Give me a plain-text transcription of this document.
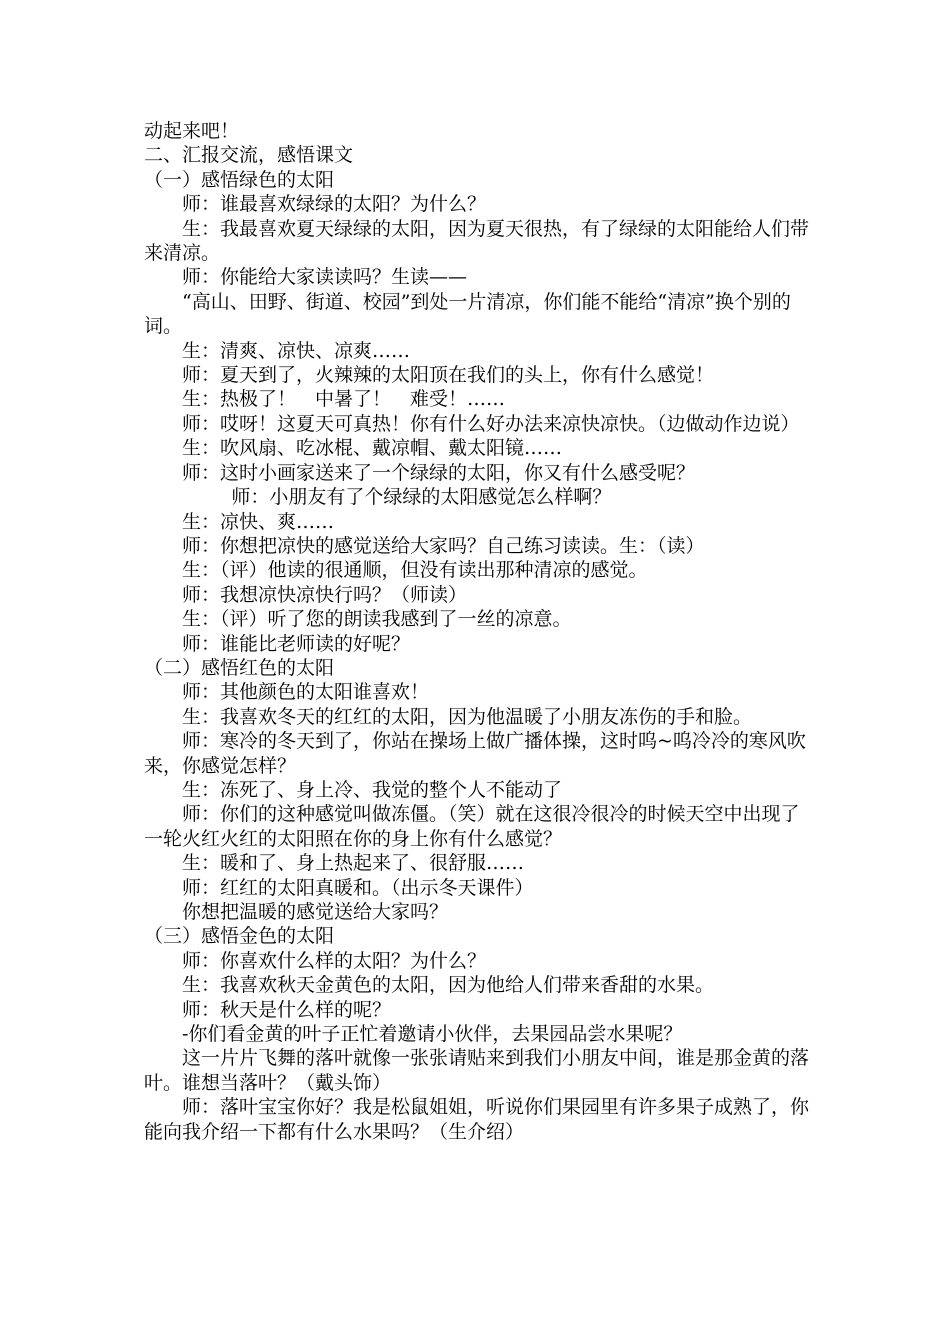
动起来吧！

二、汇报交流，感悟课文

（一）感悟绿色的太阳

师：谁最喜欢绿绿的太阳？为什么？

生：我最喜欢夏天绿绿的太阳，因为夏天很热，有了绿绿的太阳能给人们带来清凉。

师：你能给大家读读吗？生读——

“高山、田野、街道、校园”到处一片清凉，你们能不能给“清凉”换个别的词。

生：清爽、凉快、凉爽……

师：夏天到了，火辣辣的太阳顶在我们的头上，你有什么感觉！

生：热极了！　中暑了！　难受！……

师：哎呀！这夏天可真热！你有什么好办法来凉快凉快。（边做动作边说）

生：吹风扇、吃冰棍、戴凉帽、戴太阳镜……

师：这时小画家送来了一个绿绿的太阳，你又有什么感受呢？

师：小朋友有了个绿绿的太阳感觉怎么样啊？

生：凉快、爽……

师：你想把凉快的感觉送给大家吗？自己练习读读。生：（读）

生：（评）他读的很通顺，但没有读出那种清凉的感觉。

师：我想凉快凉快行吗？（师读）

生：（评）听了您的朗读我感到了一丝的凉意。

师：谁能比老师读的好呢？

（二）感悟红色的太阳

师：其他颜色的太阳谁喜欢！

生：我喜欢冬天的红红的太阳，因为他温暖了小朋友冻伤的手和脸。

师：寒冷的冬天到了，你站在操场上做广播体操，这时呜~呜冷冷的寒风吹来，你感觉怎样？

生：冻死了、身上冷、我觉的整个人不能动了

师：你们的这种感觉叫做冻僵。（笑）就在这很冷很冷的时候天空中出现了一轮火红火红的太阳照在你的身上你有什么感觉？

生：暖和了、身上热起来了、很舒服……

师：红红的太阳真暖和。（出示冬天课件）

你想把温暖的感觉送给大家吗？

（三）感悟金色的太阳

师：你喜欢什么样的太阳？为什么？

生：我喜欢秋天金黄色的太阳，因为他给人们带来香甜的水果。

师：秋天是什么样的呢？

-你们看金黄的叶子正忙着邀请小伙伴，去果园品尝水果呢？

这一片片飞舞的落叶就像一张张请贴来到我们小朋友中间，谁是那金黄的落叶。谁想当落叶？（戴头饰）

师：落叶宝宝你好？我是松鼠姐姐，听说你们果园里有许多果子成熟了，你能向我介绍一下都有什么水果吗？（生介绍）
